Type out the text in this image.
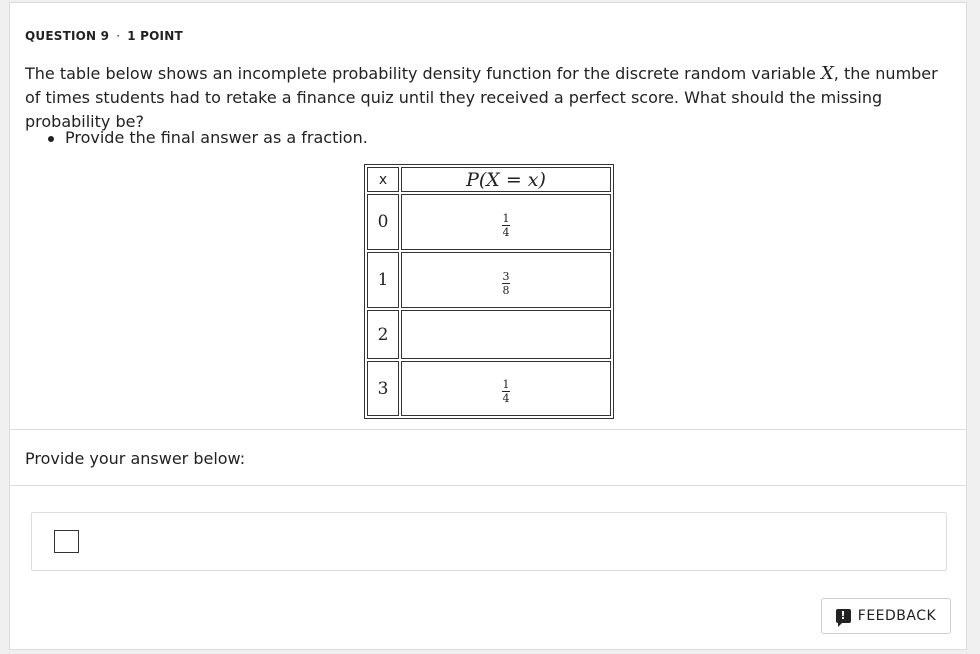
QUESTION 9 · 1 POINT
The table below shows an incomplete probability density function for the discrete random variable X, the number of times students had to retake a finance quiz until they received a perfect score. What should the missing probability be?
Provide the final answer as a fraction.
x	P(X = x)
0	$\frac{1}{4}$

1	$\frac{3}{8}$

2	
3	$\frac{1}{4}$
Provide your answer below:
! FEEDBACK
